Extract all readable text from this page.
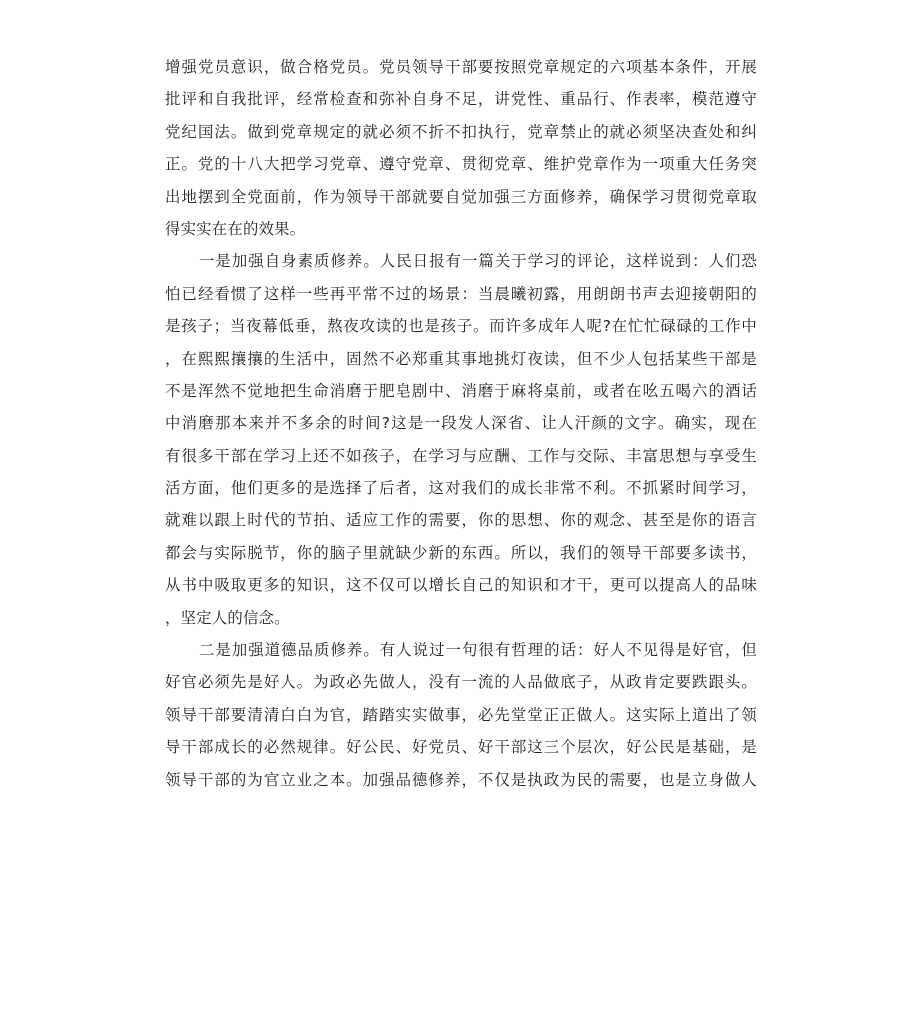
增强党员意识，做合格党员。党员领导干部要按照党章规定的六项基本条件，开展
批评和自我批评，经常检查和弥补自身不足，讲党性、重品行、作表率，模范遵守
党纪国法。做到党章规定的就必须不折不扣执行，党章禁止的就必须坚决查处和纠
正。党的十八大把学习党章、遵守党章、贯彻党章、维护党章作为一项重大任务突
出地摆到全党面前，作为领导干部就要自觉加强三方面修养，确保学习贯彻党章取
得实实在在的效果。
一是加强自身素质修养。人民日报有一篇关于学习的评论，这样说到：人们恐
怕已经看惯了这样一些再平常不过的场景：当晨曦初露，用朗朗书声去迎接朝阳的
是孩子；当夜幕低垂，熬夜攻读的也是孩子。而许多成年人呢?在忙忙碌碌的工作中
，在熙熙攘攘的生活中，固然不必郑重其事地挑灯夜读，但不少人包括某些干部是
不是浑然不觉地把生命消磨于肥皂剧中、消磨于麻将桌前，或者在吆五喝六的酒话
中消磨那本来并不多余的时间?这是一段发人深省、让人汗颜的文字。确实，现在
有很多干部在学习上还不如孩子，在学习与应酬、工作与交际、丰富思想与享受生
活方面，他们更多的是选择了后者，这对我们的成长非常不利。不抓紧时间学习，
就难以跟上时代的节拍、适应工作的需要，你的思想、你的观念、甚至是你的语言
都会与实际脱节，你的脑子里就缺少新的东西。所以，我们的领导干部要多读书，
从书中吸取更多的知识，这不仅可以增长自己的知识和才干，更可以提高人的品味
，坚定人的信念。
二是加强道德品质修养。有人说过一句很有哲理的话：好人不见得是好官，但
好官必须先是好人。为政必先做人，没有一流的人品做底子，从政肯定要跌跟头。
领导干部要清清白白为官，踏踏实实做事，必先堂堂正正做人。这实际上道出了领
导干部成长的必然规律。好公民、好党员、好干部这三个层次，好公民是基础，是
领导干部的为官立业之本。加强品德修养，不仅是执政为民的需要，也是立身做人
